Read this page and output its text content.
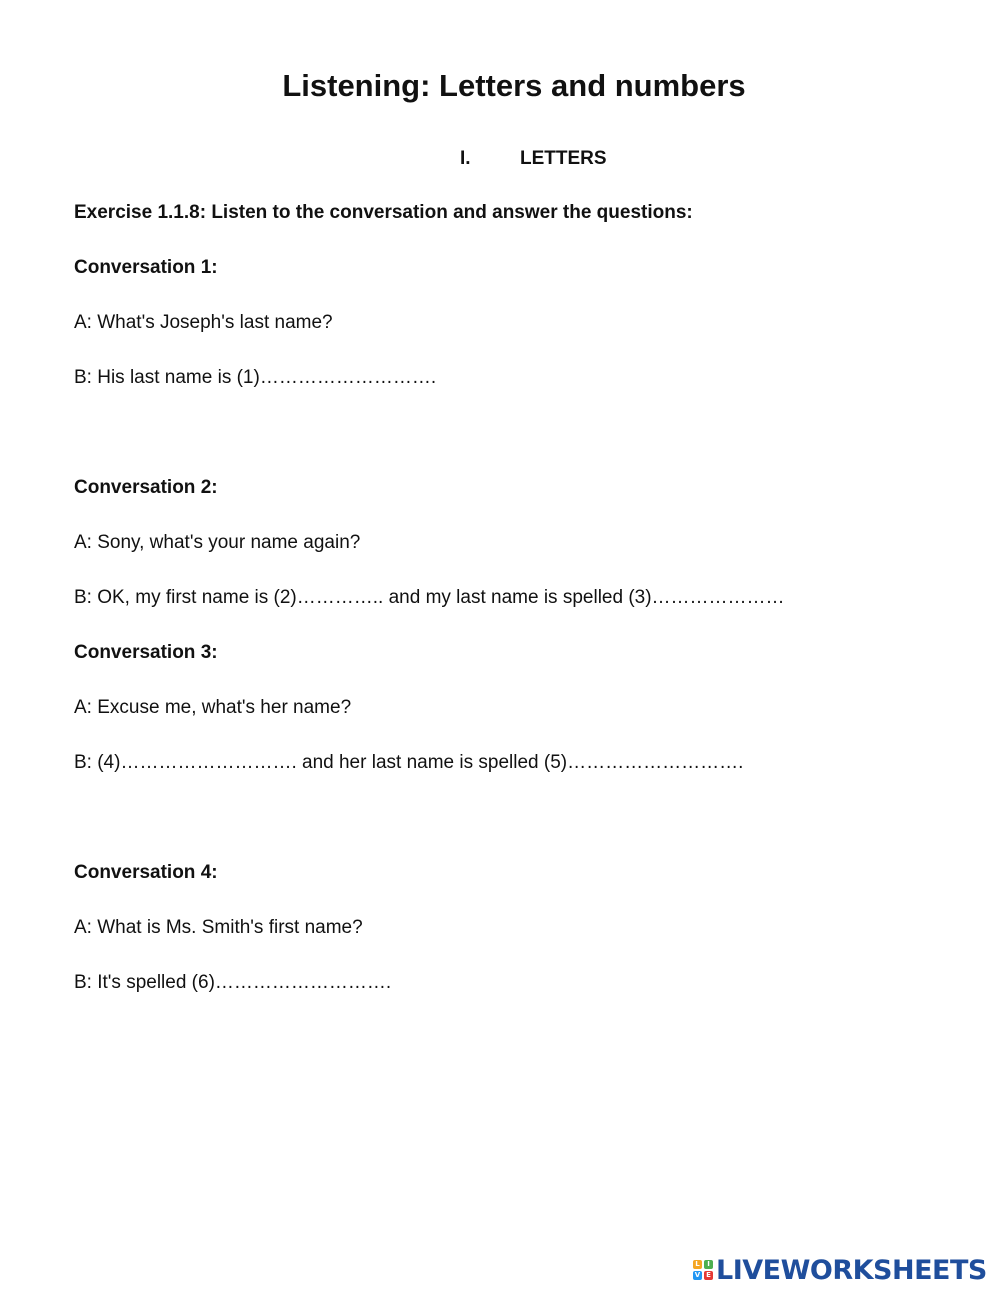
Listening: Letters and numbers
I.	LETTERS

Exercise 1.1.8: Listen to the conversation and answer the questions:

Conversation 1:

A: What's Joseph's last name?

B: His last name is (1)……………………….

Conversation 2:

A: Sony, what's your name again?

B: OK, my first name is (2)………….. and my last name is spelled (3)…………………

Conversation 3:

A: Excuse me, what's her name?

B: (4)………………………. and her last name is spelled (5)……………………….

Conversation 4:

A: What is Ms. Smith's first name?

B: It's spelled (6)……………………….

L	I
V E LIVEWORKSHEETS
